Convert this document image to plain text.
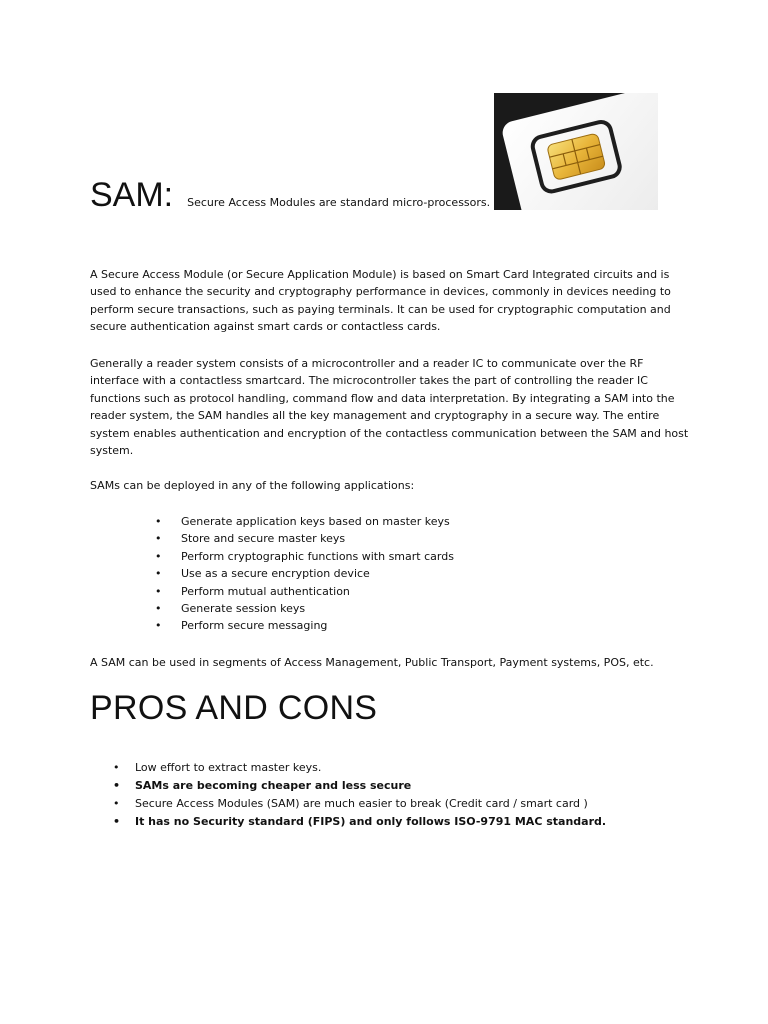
SAM: Secure Access Modules are standard micro-processors.

A Secure Access Module (or Secure Application Module) is based on Smart Card Integrated circuits and is used to enhance the security and cryptography performance in devices, commonly in devices needing to perform secure transactions, such as paying terminals. It can be used for cryptographic computation and secure authentication against smart cards or contactless cards.

Generally a reader system consists of a microcontroller and a reader IC to communicate over the RF interface with a contactless smartcard. The microcontroller takes the part of controlling the reader IC functions such as protocol handling, command flow and data interpretation. By integrating a SAM into the reader system, the SAM handles all the key management and cryptography in a secure way. The entire system enables authentication and encryption of the contactless communication between the SAM and host system.

SAMs can be deployed in any of the following applications:

• Generate application keys based on master keys
• Store and secure master keys
• Perform cryptographic functions with smart cards
• Use as a secure encryption device
• Perform mutual authentication
• Generate session keys
• Perform secure messaging

A SAM can be used in segments of Access Management, Public Transport, Payment systems, POS, etc.

PROS AND CONS
• Low effort to extract master keys.
• SAMs are becoming cheaper and less secure
• Secure Access Modules (SAM) are much easier to break (Credit card / smart card )
• It has no Security standard (FIPS) and only follows ISO-9791 MAC standard.
